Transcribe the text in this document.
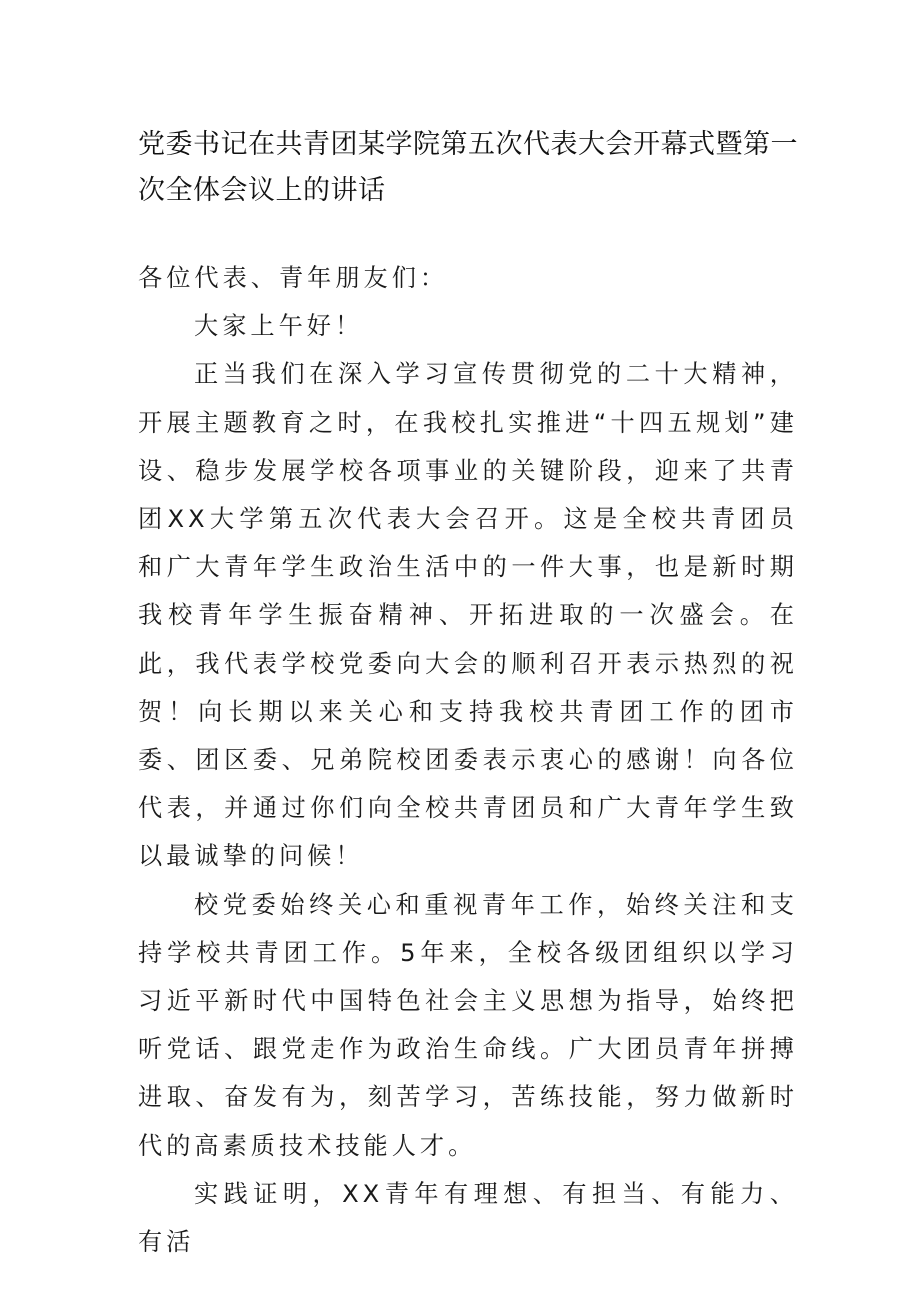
党委书记在共青团某学院第五次代表大会开幕式暨第一次全体会议上的讲话

各位代表、青年朋友们：

大家上午好！

正当我们在深入学习宣传贯彻党的二十大精神，开展主题教育之时，在我校扎实推进“十四五规划”建设、稳步发展学校各项事业的关键阶段，迎来了共青团XX大学第五次代表大会召开。这是全校共青团员和广大青年学生政治生活中的一件大事，也是新时期我校青年学生振奋精神、开拓进取的一次盛会。在此，我代表学校党委向大会的顺利召开表示热烈的祝贺！向长期以来关心和支持我校共青团工作的团市委、团区委、兄弟院校团委表示衷心的感谢！向各位代表，并通过你们向全校共青团员和广大青年学生致以最诚挚的问候！

校党委始终关心和重视青年工作，始终关注和支持学校共青团工作。5年来，全校各级团组织以学习习近平新时代中国特色社会主义思想为指导，始终把听党话、跟党走作为政治生命线。广大团员青年拼搏进取、奋发有为，刻苦学习，苦练技能，努力做新时代的高素质技术技能人才。

实践证明，XX青年有理想、有担当、有能力、有活
